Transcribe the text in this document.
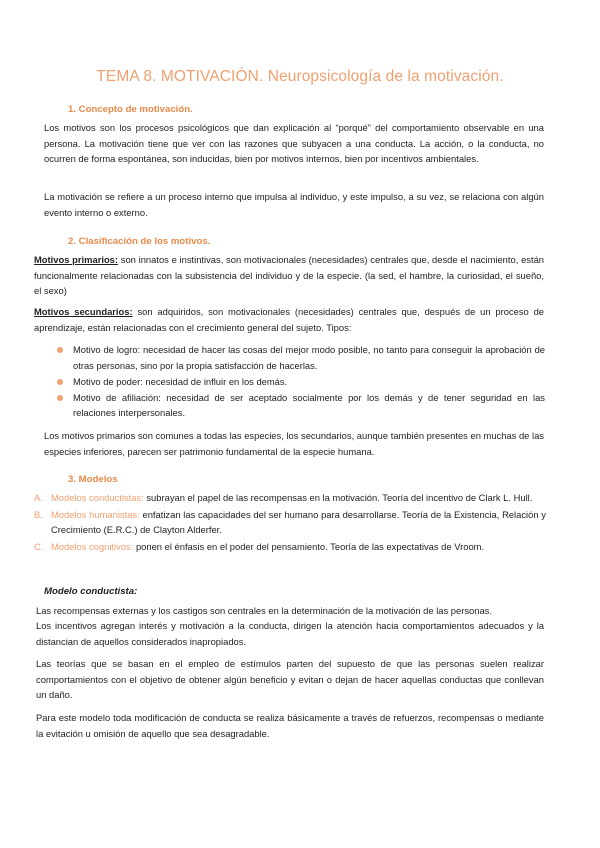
TEMA 8. MOTIVACIÓN. Neuropsicología de la motivación.
1. Concepto de motivación.
Los motivos son los procesos psicológicos que dan explicación al “porqué” del comportamiento observable en una persona. La motivación tiene que ver con las razones que subyacen a una conducta. La acción, o la conducta, no ocurren de forma espontánea, son inducidas, bien por motivos internos, bien por incentivos ambientales.
La motivación se refiere a un proceso interno que impulsa al individuo, y este impulso, a su vez, se relaciona con algún evento interno o externo.
2. Clasificación de los motivos.
Motivos primarios: son innatos e instintivas, son motivacionales (necesidades) centrales que, desde el nacimiento, están funcionalmente relacionadas con la subsistencia del individuo y de la especie. (la sed, el hambre, la curiosidad, el sueño, el sexo)
Motivos secundarios: son adquiridos, son motivacionales (necesidades) centrales que, después de un proceso de aprendizaje, están relacionadas con el crecimiento general del sujeto. Tipos:
Motivo de logro: necesidad de hacer las cosas del mejor modo posible, no tanto para conseguir la aprobación de otras personas, sino por la propia satisfacción de hacerlas.
Motivo de poder: necesidad de influir en los demás.
Motivo de afiliación: necesidad de ser aceptado socialmente por los demás y de tener seguridad en las relaciones interpersonales.
Los motivos primarios son comunes a todas las especies, los secundarios, aunque también presentes en muchas de las especies inferiores, parecen ser patrimonio fundamental de la especie humana.
3. Modelos
A. Modelos conductistas: subrayan el papel de las recompensas en la motivación. Teoría del incentivo de Clark L. Hull.
B. Modelos humanistas: enfatizan las capacidades del ser humano para desarrollarse. Teoría de la Existencia, Relación y Crecimiento (E.R.C.) de Clayton Alderfer.
C. Modelos cognitivos: ponen el énfasis en el poder del pensamiento. Teoría de las expectativas de Vroom.
Modelo conductista:
Las recompensas externas y los castigos son centrales en la determinación de la motivación de las personas.
Los incentivos agregan interés y motivación a la conducta, dirigen la atención hacia comportamientos adecuados y la distancian de aquellos considerados inapropiados.
Las teorías que se basan en el empleo de estímulos parten del supuesto de que las personas suelen realizar comportamientos con el objetivo de obtener algún beneficio y evitan o dejan de hacer aquellas conductas que conllevan un daño.
Para este modelo toda modificación de conducta se realiza básicamente a través de refuerzos, recompensas o mediante la evitación u omisión de aquello que sea desagradable.
